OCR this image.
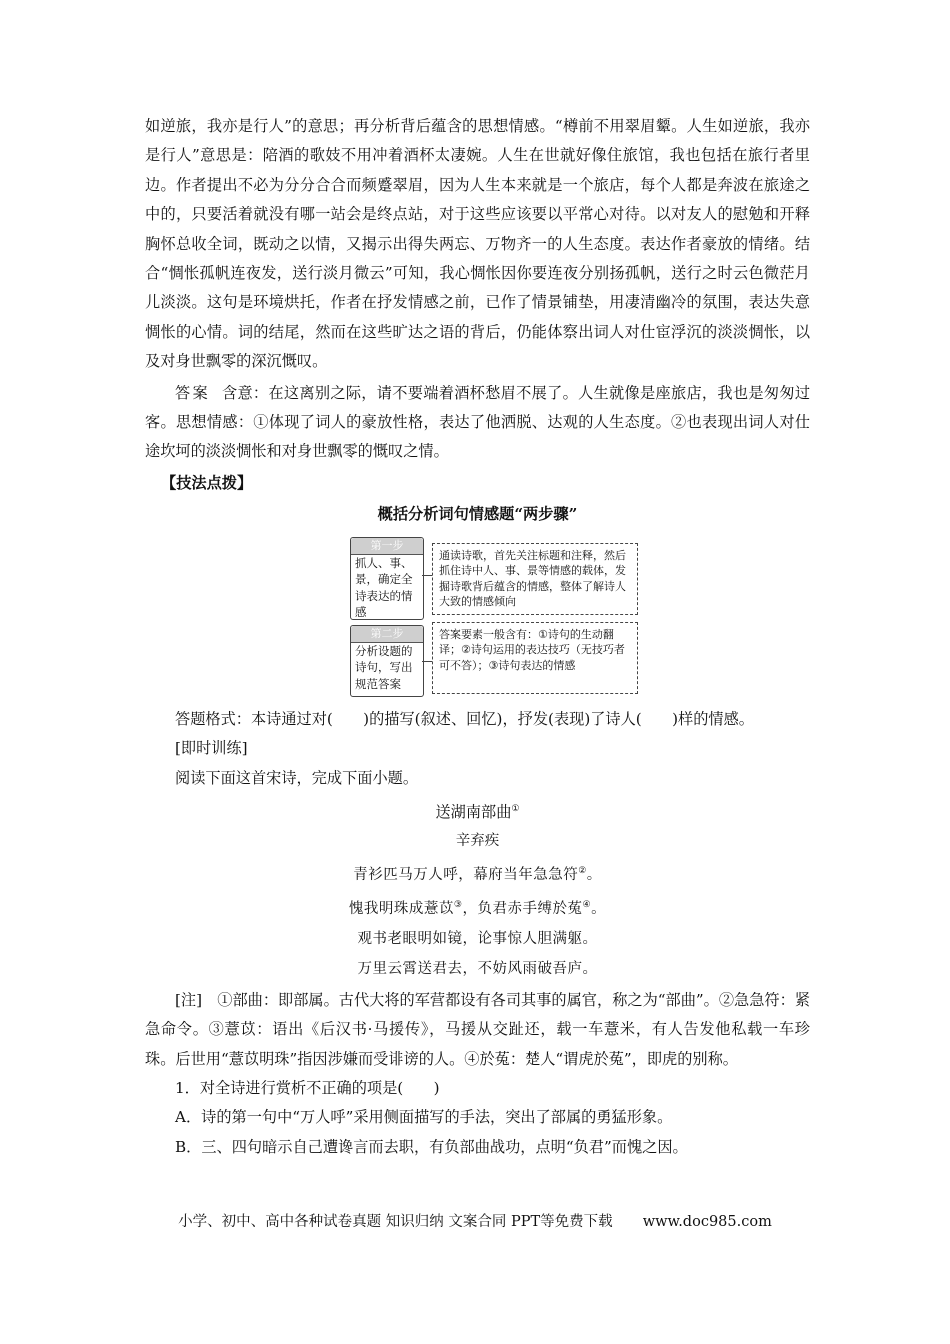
如逆旅，我亦是行人”的意思；再分析背后蕴含的思想情感。“樽前不用翠眉颦。人生如逆旅，我亦是行人”意思是：陪酒的歌妓不用冲着酒杯太凄婉。人生在世就好像住旅馆，我也包括在旅行者里边。作者提出不必为分分合合而频蹙翠眉，因为人生本来就是一个旅店，每个人都是奔波在旅途之中的，只要活着就没有哪一站会是终点站，对于这些应该要以平常心对待。以对友人的慰勉和开释胸怀总收全词，既动之以情，又揭示出得失两忘、万物齐一的人生态度。表达作者豪放的情绪。结合“惆怅孤帆连夜发，送行淡月微云”可知，我心惆怅因你要连夜分别扬孤帆，送行之时云色微茫月儿淡淡。这句是环境烘托，作者在抒发情感之前，已作了情景铺垫，用凄清幽冷的氛围，表达失意惆怅的心情。词的结尾，然而在这些旷达之语的背后，仍能体察出词人对仕宦浮沉的淡淡惆怅，以及对身世飘零的深沉慨叹。

答案 含意：在这离别之际，请不要端着酒杯愁眉不展了。人生就像是座旅店，我也是匆匆过客。思想情感：①体现了词人的豪放性格，表达了他洒脱、达观的人生态度。②也表现出词人对仕途坎坷的淡淡惆怅和对身世飘零的慨叹之情。

【技法点拨】

概括分析词句情感题“两步骤”

第一步
抓人、事、景，确定全诗表达的情感
通读诗歌，首先关注标题和注释，然后抓住诗中人、事、景等情感的载体，发掘诗歌背后蕴含的情感，整体了解诗人大致的情感倾向
第二步
分析设题的诗句，写出规范答案
答案要素一般含有：①诗句的生动翻译；②诗句运用的表达技巧（无技巧者可不答）；③诗句表达的情感

答题格式：本诗通过对(　　)的描写(叙述、回忆)，抒发(表现)了诗人(　　)样的情感。

[即时训练]

阅读下面这首宋诗，完成下面小题。

送湖南部曲①

辛弃疾

青衫匹马万人呼，幕府当年急急符②。

愧我明珠成薏苡③，负君赤手缚於菟④。

观书老眼明如镜，论事惊人胆满躯。

万里云霄送君去，不妨风雨破吾庐。

[注]　 ①部曲：即部属。古代大将的军营都设有各司其事的属官，称之为“部曲”。②急急符：紧急命令。③薏苡：语出《后汉书·马援传》，马援从交趾还，载一车薏米，有人告发他私载一车珍珠。后世用“薏苡明珠”指因涉嫌而受诽谤的人。④於菟：楚人“谓虎於菟”，即虎的别称。

1．对全诗进行赏析不正确的项是(　　)

A．诗的第一句中“万人呼”采用侧面描写的手法，突出了部属的勇猛形象。

B．三、四句暗示自己遭谗言而去职，有负部曲战功，点明“负君”而愧之因。

小学、初中、高中各种试卷真题 知识归纳 文案合同 PPT等免费下载 www.doc985.com
